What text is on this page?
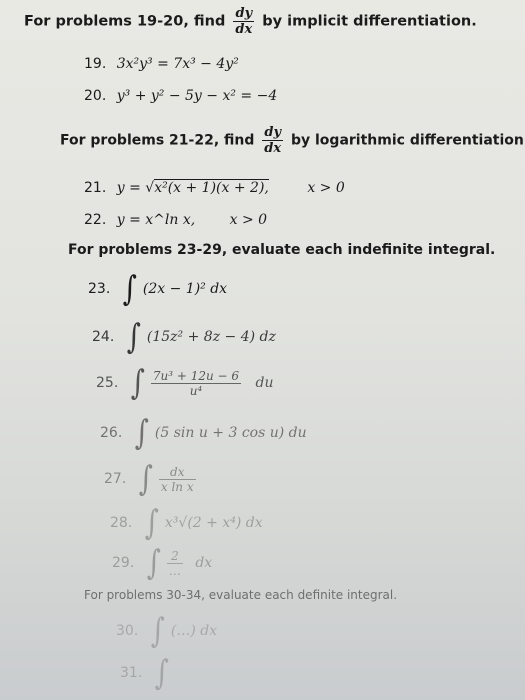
For problems 19-20, find $\frac{dy}{dx}$ by implicit differentiation.
19. 3x²y³ = 7x³ − 4y²
20. y³ + y² − 5y − x² = −4
For problems 21-22, find $\frac{dy}{dx}$ by logarithmic differentiation
21. y = √x²(x + 1)(x + 2),	x > 0
22. y = x^ln x, x > 0
For problems 23-29, evaluate each indefinite integral.
23. ∫ (2x − 1)² dx
24. ∫ (15z² + 8z − 4) dz
25. ∫ $\frac{\text{7u³ + 12u − 6}}{\text{u⁴}}$ du
26. ∫ (5 sin u + 3 cos u) du
27. ∫ $\frac{dx}{\text{x ln x}}$
28. ∫ x³√(2 + x⁴) dx
29. ∫ $\frac{2}{\dots}$ dx
For problems 30-34, evaluate each definite integral.
30. ∫ (…) dx
31. ∫
